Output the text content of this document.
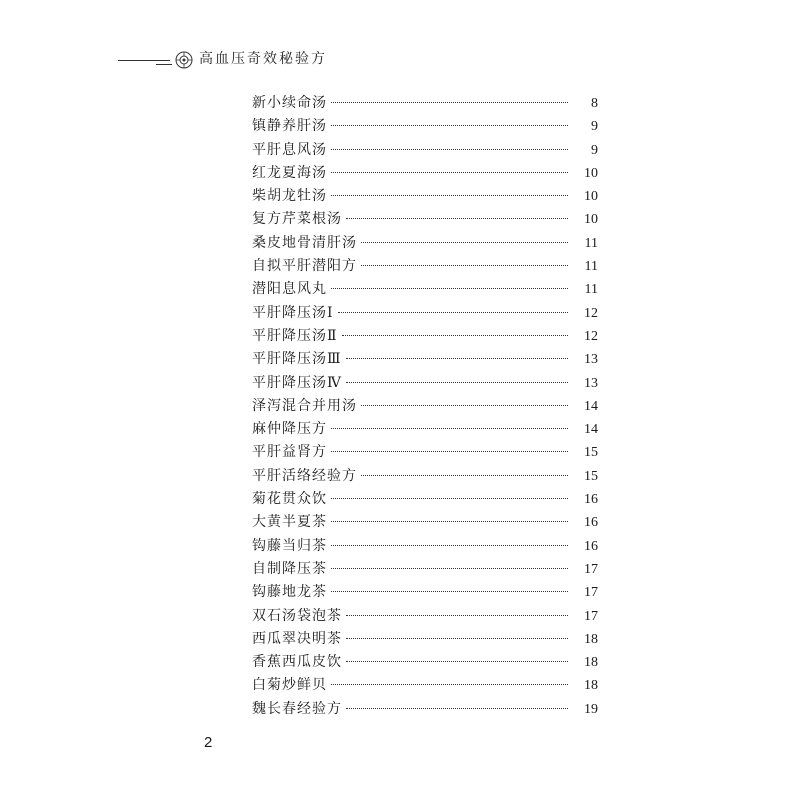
高血压奇效秘验方
新小续命汤	8
镇静养肝汤	9
平肝息风汤	9
红龙夏海汤	10
柴胡龙牡汤	10
复方芹菜根汤	10
桑皮地骨清肝汤	11
自拟平肝潜阳方	11
潜阳息风丸	11
平肝降压汤Ⅰ	12
平肝降压汤Ⅱ	12
平肝降压汤Ⅲ	13
平肝降压汤Ⅳ	13
泽泻混合并用汤	14
麻仲降压方	14
平肝益肾方	15
平肝活络经验方	15
菊花贯众饮	16
大黄半夏茶	16
钩藤当归茶	16
自制降压茶	17
钩藤地龙茶	17
双石汤袋泡茶	17
西瓜翠决明茶	18
香蕉西瓜皮饮	18
白菊炒鲜贝	18
魏长春经验方	19
2
